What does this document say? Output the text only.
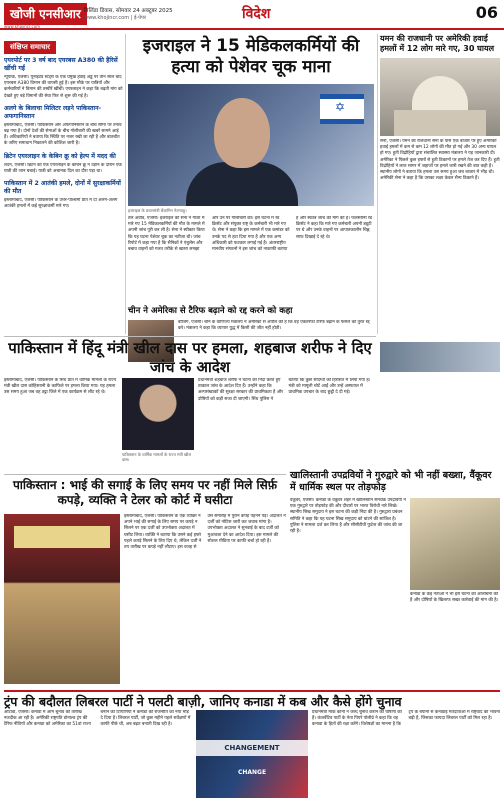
खोजी एनसीआर
www.khojincr.com
बिलिंडा डिवास, सोमवार 24 अक्टूबर 2025
www.khojincr.com | ई-पेपर	विदेश	06
संक्षिप्त समाचार
एयरपोर्ट पर 3 वर्ष बाद एयरबस A380 की हैरिसें खींची गईं
न्यूयॉर्क, एजेंसी। यूनाइटेड स्टेट्स के एक प्रमुख हवाई अड्डे पर तीन साल बाद एयरबस A380 विमान की वापसी हुई है। इस मौके पर यात्रियों और कर्मचारियों ने विमान की तस्वीरें खींचीं। एयरलाइन ने कहा कि बढ़ती मांग को देखते हुए बड़े विमानों की सेवा फिर से शुरू की गई है।
अलगे के बिलाचा मिलिटर लड़ने पाकिस्तान-अफगानिस्तान
इस्लामाबाद, एजेंसी। पाकिस्तान और अफगानिस्तान के बीच सीमा पर तनाव बढ़ गया है। दोनों देशों की सेनाओं के बीच गोलीबारी की खबरें सामने आई हैं। अधिकारियों ने बताया कि स्थिति पर नजर रखी जा रही है और बातचीत के जरिए समाधान निकालने की कोशिश जारी है।
ब्रिटेन एयरलाइन के केबिन क्रू को हेल्प में मदद की
लंदन, एजेंसी। ब्रिटेन की एक एयरलाइन के केबिन क्रू ने उड़ान के दौरान एक यात्री की जान बचाई। यात्री को अचानक दिल का दौरा पड़ा था।
पाकिस्तान में 2 आतंकी हमले, दोनों में सुरक्षाकर्मियों की मौत
इस्लामाबाद, एजेंसी। पाकिस्तान के उत्तर-पश्चिमी प्रांत में दो अलग-अलग आतंकी हमलों में कई सुरक्षाकर्मी मारे गए।
इजराइल ने 15 मेडिकलकर्मियों की हत्या को पेशेवर चूक माना
✡
इजराइल के प्रधानमंत्री बेंजामिन नेतन्याहू।
तेल अवीव, एजेंसी। इजराइल की सेना ने गाजा में मारे गए 15 मेडिकलकर्मियों की मौत के मामले में अपनी जांच पूरी कर ली है। सेना ने स्वीकार किया कि यह घटना पेशेवर चूक का नतीजा थी। जांच रिपोर्ट में कहा गया है कि सैनिकों ने एंबुलेंस और बचाव वाहनों को गलत तरीके से खतरा समझा और उन पर गोलीबारी की। इस घटना में रेड क्रिसेंट और संयुक्त राष्ट्र के कर्मचारी भी मारे गए थे। सेना ने कहा कि इस मामले में एक कमांडर को उनके पद से हटा दिया गया है और एक अन्य अधिकारी को फटकार लगाई गई है। अंतरराष्ट्रीय मानवीय संगठनों ने इस जांच को नाकाफी बताया है और स्वतंत्र जांच की मांग की है। फलस्तीनी रेड क्रिसेंट ने कहा कि मारे गए कर्मचारी अपनी ड्यूटी पर थे और उनके वाहनों पर आपातकालीन चिह्न साफ दिखाई दे रहे थे।
यमन की राजधानी पर अमेरिकी हवाई हमलों में 12 लोग मारे गए, 30 घायल
सना, एजेंसी। यमन की राजधानी सना के पास एक बाजार पर हुए अमेरिकी हवाई हमलों में कम से कम 12 लोगों की मौत हो गई और 30 अन्य घायल हो गए। हूती विद्रोहियों द्वारा संचालित स्वास्थ्य मंत्रालय ने यह जानकारी दी। अमेरिका ने पिछले कुछ हफ्तों से हूती ठिकानों पर हमले तेज कर दिए हैं। हूती विद्रोहियों ने लाल सागर में जहाजों पर हमले जारी रखने की बात कही है। स्थानीय लोगों ने बताया कि हमला उस समय हुआ जब बाजार में भीड़ थी। अमेरिकी सेना ने कहा है कि उसका लक्ष्य केवल सैन्य ठिकाने हैं।
चीन ने अमेरिका से टैरिफ बढ़ाने को रद्द करने को कहा
बीजिंग, एजेंसी। चीन के वाणिज्य मंत्रालय ने अमेरिका से अपील की है कि वह एकतरफा टैरिफ बढ़ाने के फैसले को तुरंत रद्द करे। मंत्रालय ने कहा कि व्यापार युद्ध में किसी की जीत नहीं होती।
पाकिस्तान में हिंदू मंत्री खील दास पर हमला, शहबाज शरीफ ने दिए जांच के आदेश
इस्लामाबाद, एजेंसी। पाकिस्तान के सिंध प्रांत में धार्मिक मामलों के राज्य मंत्री खील दास कोहिस्तानी के काफिले पर हमला किया गया। यह हमला उस समय हुआ जब वह ठट्टा जिले में एक कार्यक्रम से लौट रहे थे।
पाकिस्तान के धार्मिक मामलों के राज्य मंत्री खील दास।
प्रधानमंत्री शहबाज शरीफ ने घटना की निंदा करते हुए तत्काल जांच के आदेश दिए हैं। उन्होंने कहा कि अल्पसंख्यकों की सुरक्षा सरकार की प्राथमिकता है और दोषियों को कड़ी सजा दी जाएगी। सिंध पुलिस ने बताया कि कुछ संदिग्धों को हिरासत में लिया गया है। मंत्री को मामूली चोटें आईं और उन्हें अस्पताल में प्राथमिक उपचार के बाद छुट्टी दे दी गई।
खालिस्तानी उपद्रवियों ने गुरुद्वारे को भी नहीं बख्शा, वैंकूवर में धार्मिक स्थल पर तोड़फोड़
वैंकूवर, एजेंसी। कनाडा के वैंकूवर शहर में खालिस्तान समर्थक उपद्रवियों ने एक गुरुद्वारे पर तोड़फोड़ की और दीवारों पर भारत विरोधी नारे लिखे। स्थानीय सिख समुदाय ने इस घटना की कड़ी निंदा की है। गुरुद्वारा प्रबंधन समिति ने कहा कि यह घटना सिख समुदाय को बांटने की साजिश है। पुलिस ने मामला दर्ज कर लिया है और सीसीटीवी फुटेज की जांच की जा रही है।
कनाडा के कई नेताओं ने भी इस घटना की आलोचना की है और दोषियों के खिलाफ सख्त कार्रवाई की मांग की है।
पाकिस्तान : भाई की सगाई के लिए समय पर नहीं मिले सिर्फ़ कपड़े, व्यक्ति ने टेलर को कोर्ट में घसीटा
इस्लामाबाद, एजेंसी। पाकिस्तान के एक व्यक्ति ने अपने भाई की सगाई के लिए समय पर कपड़े न सिलने पर एक दर्जी को उपभोक्ता अदालत में घसीट लिया। व्यक्ति ने बताया कि उसने कई हफ्ते पहले कपड़े सिलने के लिए दिए थे, लेकिन दर्जी ने तय तारीख पर कपड़े नहीं लौटाए। इस वजह से उसे समारोह में पुराने कपड़े पहनने पड़े। अदालत ने दर्जी को नोटिस जारी कर जवाब मांगा है। उपभोक्ता अदालत ने सुनवाई के बाद दर्जी को मुआवजा देने का आदेश दिया। इस मामले की सोशल मीडिया पर काफी चर्चा हो रही है।
ट्रंप की बदौलत लिबरल पार्टी ने पलटी बाज़ी, जानिए कनाडा में कब और कैसे होंगे चुनाव
ओटावा, एजेंसी। कनाडा में आम चुनाव की तारीख नजदीक आ रही है। अमेरिकी राष्ट्रपति डोनाल्ड ट्रंप की टैरिफ नीतियों और कनाडा को अमेरिका का 51वां राज्य बनाने की टिप्पणियों ने कनाडा की राजनीति को नया मोड़ दे दिया है। लिबरल पार्टी, जो कुछ महीने पहले सर्वेक्षणों में काफी पीछे थी, अब बढ़त बनाती दिख रही है।
CHANGEMENT
CHANGE
प्रधानमंत्री मार्क कार्नी ने जल्द चुनाव कराने की घोषणा की है। कंजर्वेटिव पार्टी के नेता पियरे पोलीव्रे ने कहा कि वह कनाडा के हितों की रक्षा करेंगे। विशेषज्ञों का मानना है कि ट्रंप के बयानों से कनाडाई मतदाताओं में राष्ट्रवाद की भावना बढ़ी है, जिसका फायदा लिबरल पार्टी को मिल रहा है।
